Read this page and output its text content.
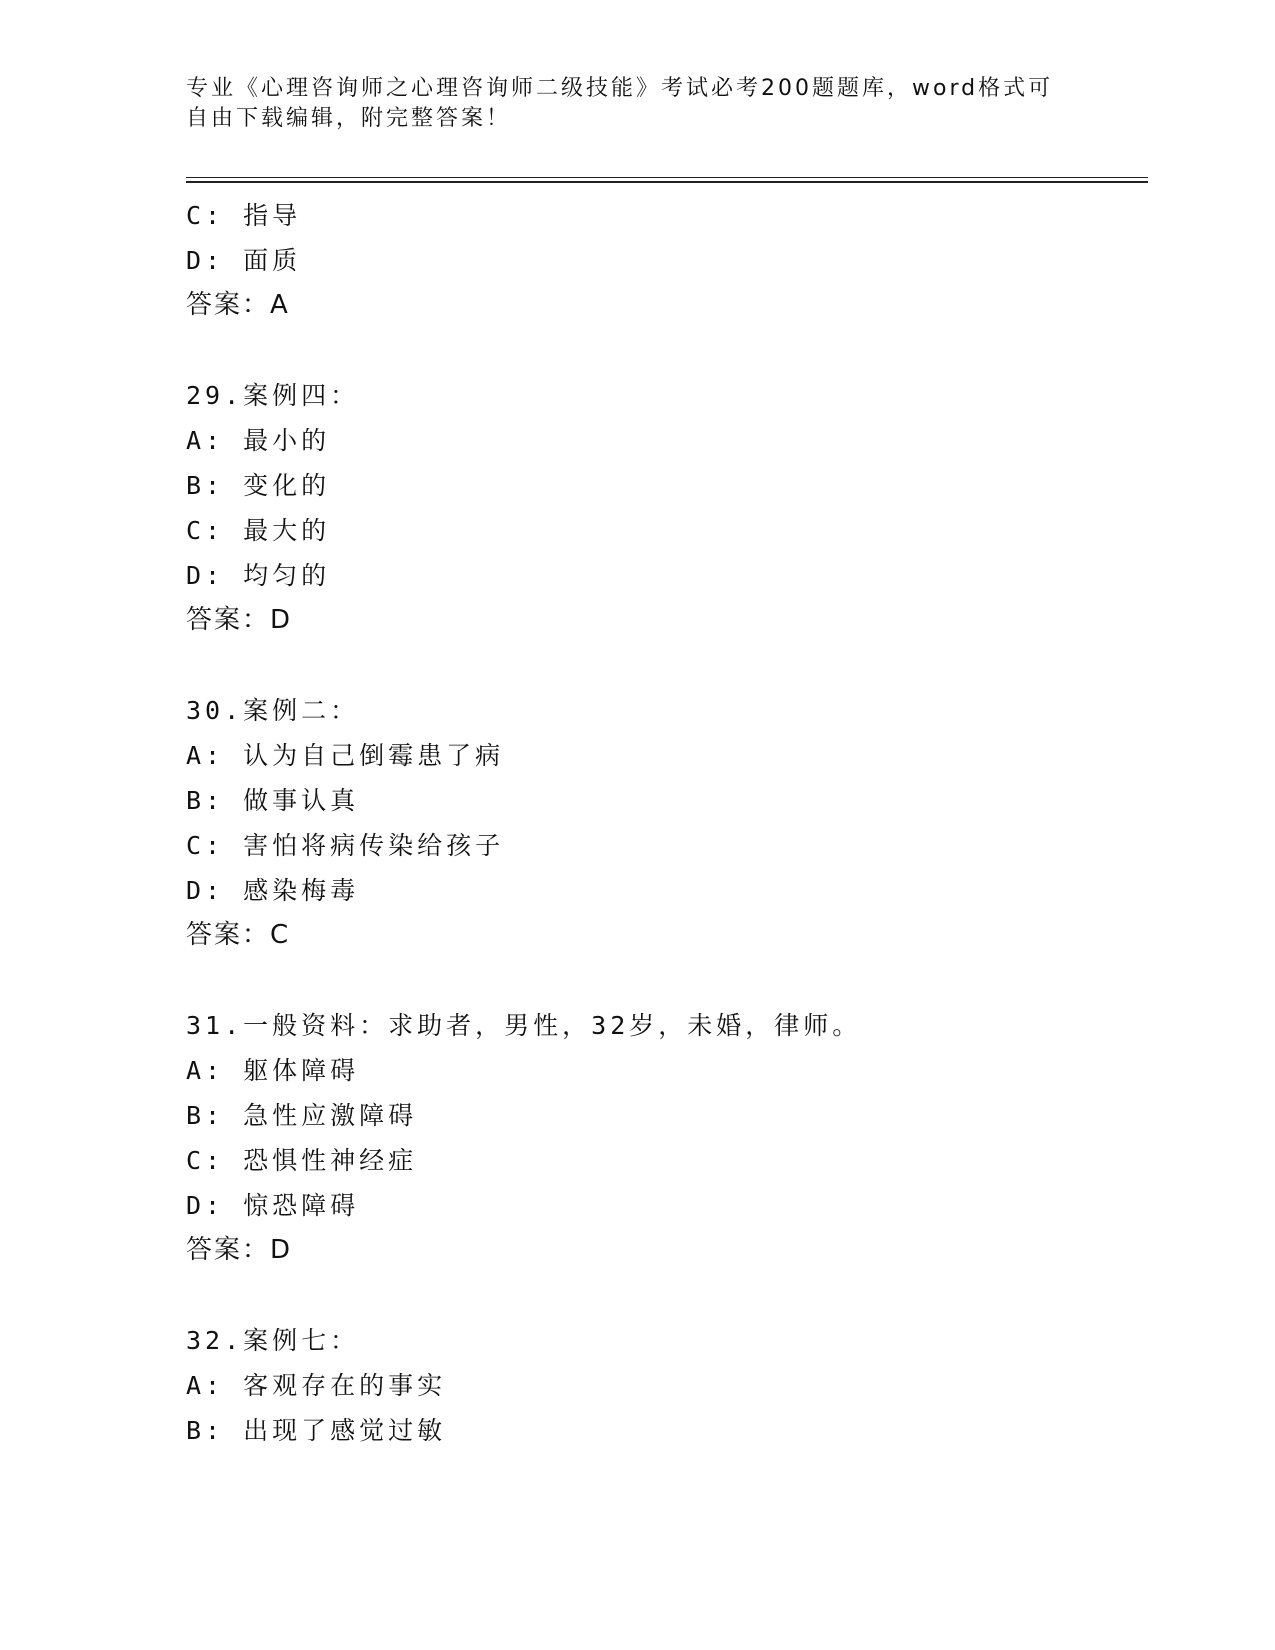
专业《心理咨询师之心理咨询师二级技能》考试必考200题题库，word格式可自由下载编辑，附完整答案！
C: 指导
D: 面质
答案：A
29.案例四：
A: 最小的
B: 变化的
C: 最大的
D: 均匀的
答案：D
30.案例二：
A: 认为自己倒霉患了病
B: 做事认真
C: 害怕将病传染给孩子
D: 感染梅毒
答案：C
31.一般资料：求助者，男性，32岁，未婚，律师。
A: 躯体障碍
B: 急性应激障碍
C: 恐惧性神经症
D: 惊恐障碍
答案：D
32.案例七：
A: 客观存在的事实
B: 出现了感觉过敏
